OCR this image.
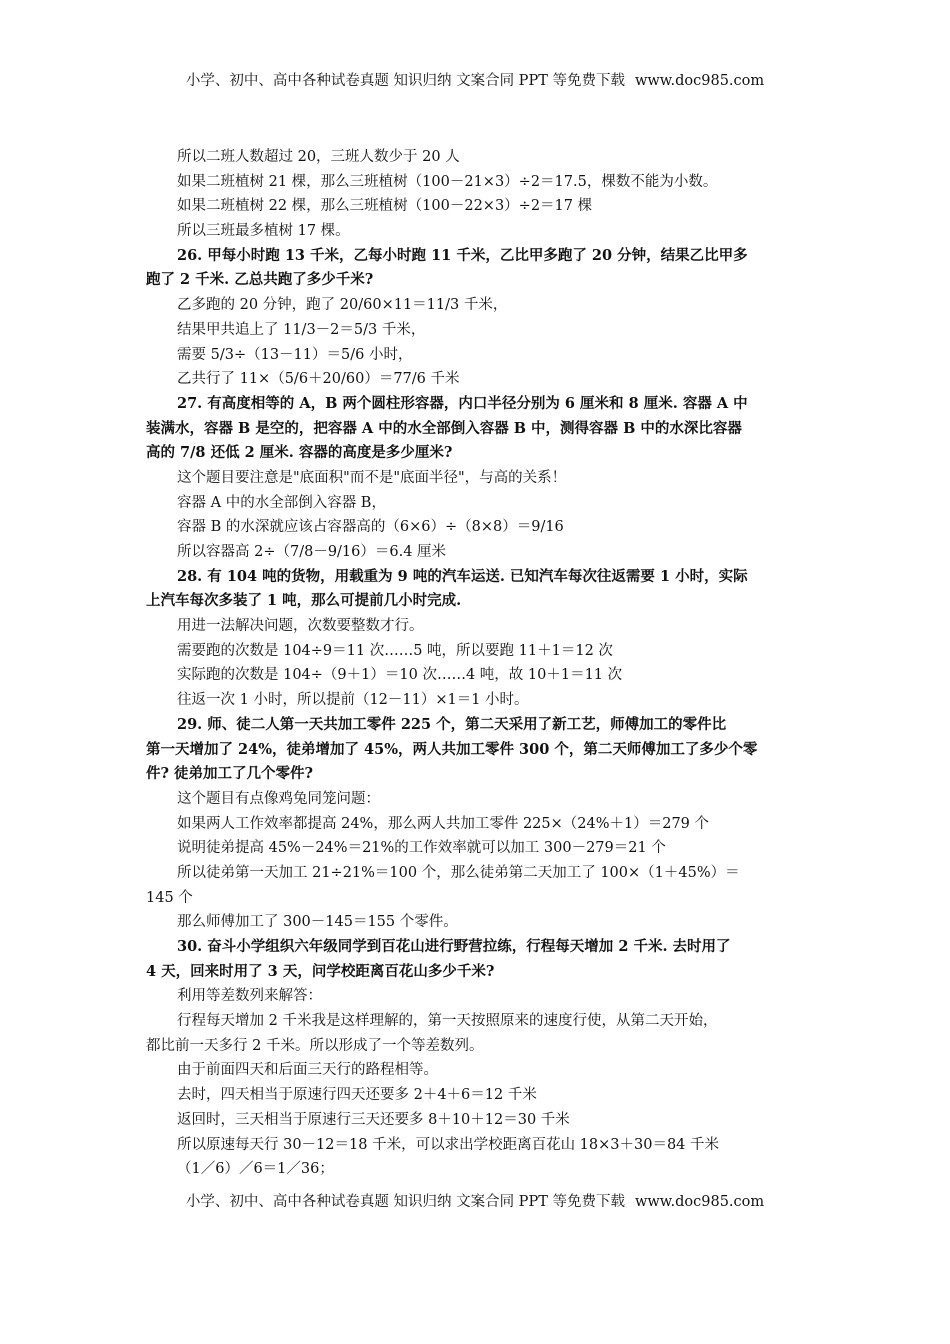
小学、初中、高中各种试卷真题 知识归纳 文案合同 PPT 等免费下载 www.doc985.com
所以二班人数超过 20，三班人数少于 20 人
如果二班植树 21 棵，那么三班植树（100－21×3）÷2＝17.5，棵数不能为小数。
如果二班植树 22 棵，那么三班植树（100－22×3）÷2＝17 棵
所以三班最多植树 17 棵。
26. 甲每小时跑 13 千米，乙每小时跑 11 千米，乙比甲多跑了 20 分钟，结果乙比甲多
跑了 2 千米. 乙总共跑了多少千米?
乙多跑的 20 分钟，跑了 20/60×11＝11/3 千米，
结果甲共追上了 11/3－2＝5/3 千米，
需要 5/3÷（13－11）＝5/6 小时，
乙共行了 11×（5/6＋20/60）＝77/6 千米
27. 有高度相等的 A，B 两个圆柱形容器，内口半径分别为 6 厘米和 8 厘米. 容器 A 中
装满水，容器 B 是空的，把容器 A 中的水全部倒入容器 B 中，测得容器 B 中的水深比容器
高的 7/8 还低 2 厘米. 容器的高度是多少厘米?
这个题目要注意是"底面积"而不是"底面半径"，与高的关系！
容器 A 中的水全部倒入容器 B，
容器 B 的水深就应该占容器高的（6×6）÷（8×8）＝9/16
所以容器高 2÷（7/8－9/16）＝6.4 厘米
28. 有 104 吨的货物，用载重为 9 吨的汽车运送. 已知汽车每次往返需要 1 小时，实际
上汽车每次多装了 1 吨，那么可提前几小时完成.
用进一法解决问题，次数要整数才行。
需要跑的次数是 104÷9＝11 次……5 吨，所以要跑 11＋1＝12 次
实际跑的次数是 104÷（9＋1）＝10 次……4 吨，故 10＋1＝11 次
往返一次 1 小时，所以提前（12－11）×1＝1 小时。
29. 师、徒二人第一天共加工零件 225 个，第二天采用了新工艺，师傅加工的零件比
第一天增加了 24%，徒弟增加了 45%，两人共加工零件 300 个，第二天师傅加工了多少个零
件? 徒弟加工了几个零件?
这个题目有点像鸡兔同笼问题：
如果两人工作效率都提高 24%，那么两人共加工零件 225×（24%＋1）＝279 个
说明徒弟提高 45%－24%＝21%的工作效率就可以加工 300－279＝21 个
所以徒弟第一天加工 21÷21%＝100 个，那么徒弟第二天加工了 100×（1＋45%）＝
145 个
那么师傅加工了 300－145＝155 个零件。
30. 奋斗小学组织六年级同学到百花山进行野营拉练，行程每天增加 2 千米. 去时用了
4 天，回来时用了 3 天，问学校距离百花山多少千米?
利用等差数列来解答：
行程每天增加 2 千米我是这样理解的，第一天按照原来的速度行使，从第二天开始，
都比前一天多行 2 千米。所以形成了一个等差数列。
由于前面四天和后面三天行的路程相等。
去时，四天相当于原速行四天还要多 2＋4＋6＝12 千米
返回时，三天相当于原速行三天还要多 8＋10＋12＝30 千米
所以原速每天行 30－12＝18 千米，可以求出学校距离百花山 18×3＋30＝84 千米
（1／6）／6＝1／36；
小学、初中、高中各种试卷真题 知识归纳 文案合同 PPT 等免费下载 www.doc985.com
